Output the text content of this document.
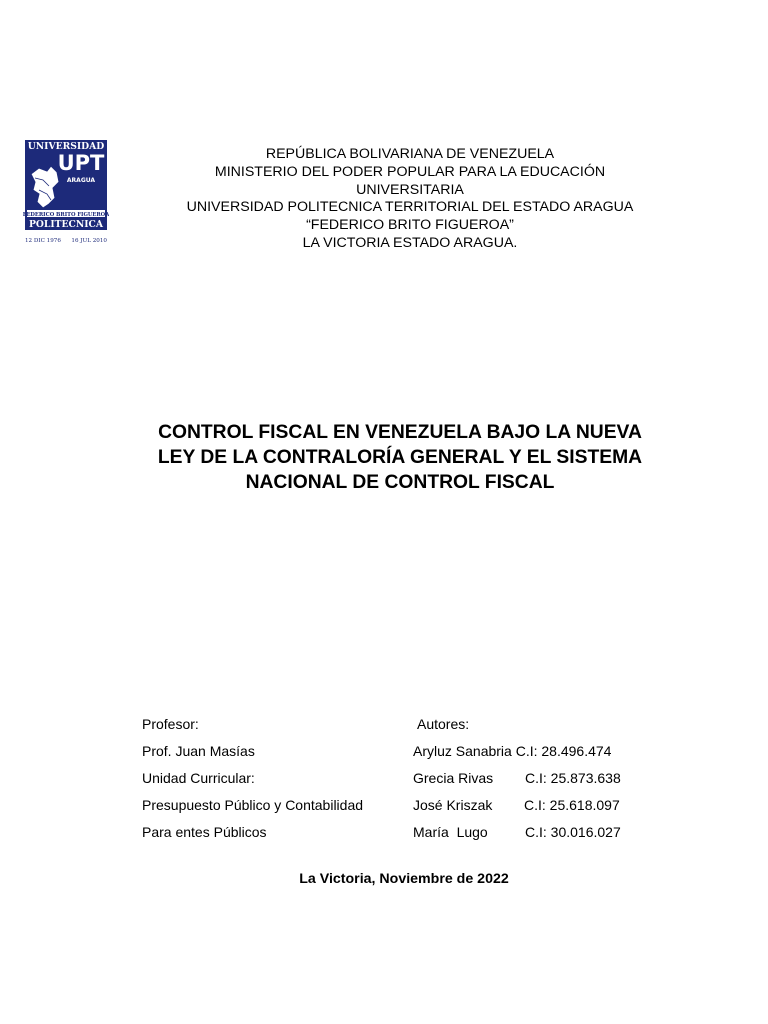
UNIVERSIDAD
UPT
ARAGUA
FEDERICO BRITO FIGUEROA
POLITECNICA
12 DIC 1976 16 JUL 2010
REPÚBLICA BOLIVARIANA DE VENEZUELA
MINISTERIO DEL PODER POPULAR PARA LA EDUCACIÓN
UNIVERSITARIA
UNIVERSIDAD POLITECNICA TERRITORIAL DEL ESTADO ARAGUA
“FEDERICO BRITO FIGUEROA”
LA VICTORIA ESTADO ARAGUA.
CONTROL FISCAL EN VENEZUELA BAJO LA NUEVA
LEY DE LA CONTRALORÍA GENERAL Y EL SISTEMA
NACIONAL DE CONTROL FISCAL
Profesor:
Prof. Juan Masías
Unidad Curricular:
Presupuesto Público y Contabilidad
Para entes Públicos
Autores:
Aryluz Sanabria C.I: 28.496.474
Grecia Rivas C.I: 25.873.638
José Kriszak C.I: 25.618.097
María  Lugo	C.I: 30.016.027
La Victoria, Noviembre de 2022
